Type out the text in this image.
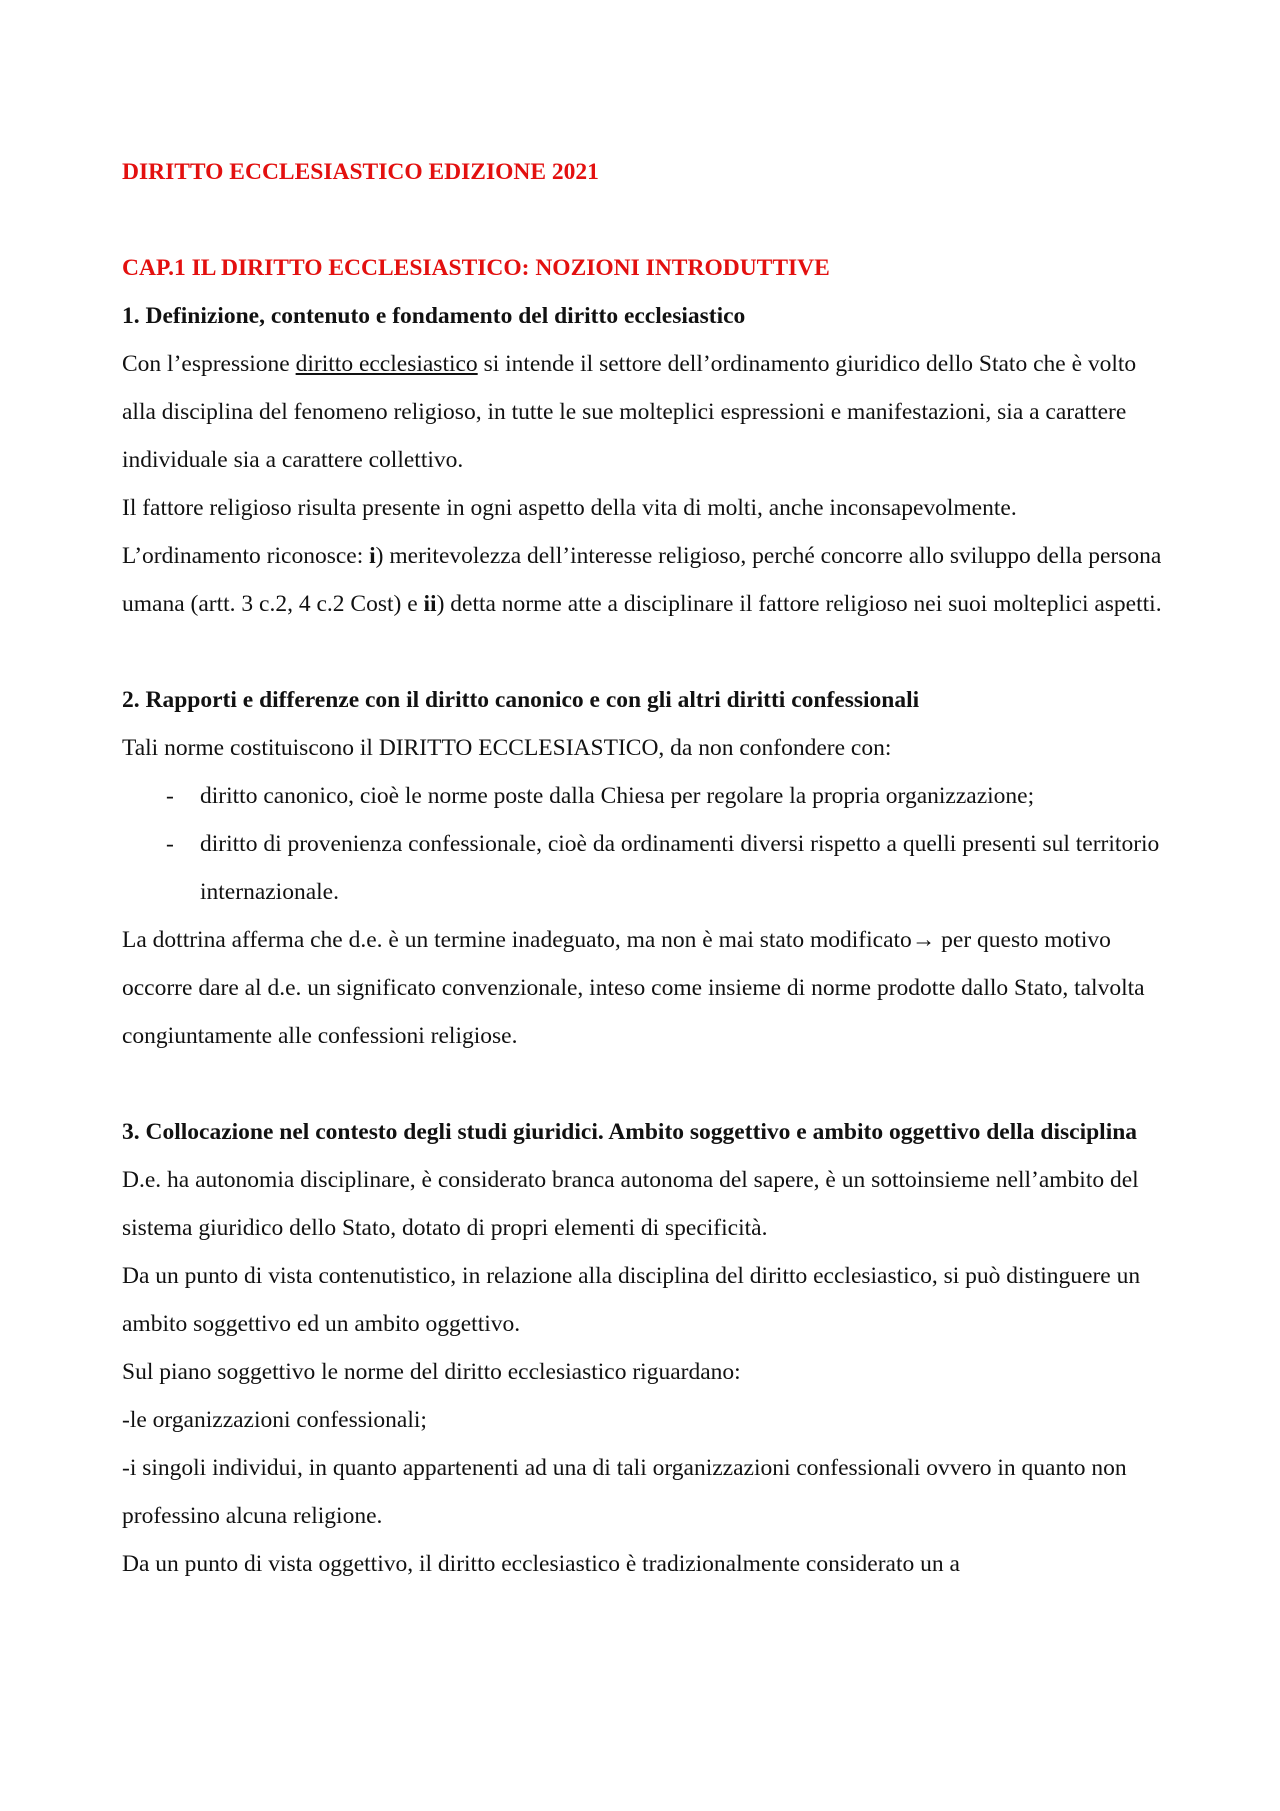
DIRITTO ECCLESIASTICO EDIZIONE 2021

CAP.1 IL DIRITTO ECCLESIASTICO: NOZIONI INTRODUTTIVE

1. Definizione, contenuto e fondamento del diritto ecclesiastico

Con l’espressione diritto ecclesiastico si intende il settore dell’ordinamento giuridico dello Stato che è volto alla disciplina del fenomeno religioso, in tutte le sue molteplici espressioni e manifestazioni, sia a carattere individuale sia a carattere collettivo.

Il fattore religioso risulta presente in ogni aspetto della vita di molti, anche inconsapevolmente.

L’ordinamento riconosce: i) meritevolezza dell’interesse religioso, perché concorre allo sviluppo della persona umana (artt. 3 c.2, 4 c.2 Cost) e ii) detta norme atte a disciplinare il fattore religioso nei suoi molteplici aspetti.

2. Rapporti e differenze con il diritto canonico e con gli altri diritti confessionali

Tali norme costituiscono il DIRITTO ECCLESIASTICO, da non confondere con:

- diritto canonico, cioè le norme poste dalla Chiesa per regolare la propria organizzazione;
- diritto di provenienza confessionale, cioè da ordinamenti diversi rispetto a quelli presenti sul territorio internazionale.

La dottrina afferma che d.e. è un termine inadeguato, ma non è mai stato modificato→ per questo motivo occorre dare al d.e. un significato convenzionale, inteso come insieme di norme prodotte dallo Stato, talvolta congiuntamente alle confessioni religiose.

3. Collocazione nel contesto degli studi giuridici. Ambito soggettivo e ambito oggettivo della disciplina

D.e. ha autonomia disciplinare, è considerato branca autonoma del sapere, è un sottoinsieme nell’ambito del sistema giuridico dello Stato, dotato di propri elementi di specificità.

Da un punto di vista contenutistico, in relazione alla disciplina del diritto ecclesiastico, si può distinguere un ambito soggettivo ed un ambito oggettivo.

Sul piano soggettivo le norme del diritto ecclesiastico riguardano:

-le organizzazioni confessionali;

-i singoli individui, in quanto appartenenti ad una di tali organizzazioni confessionali ovvero in quanto non professino alcuna religione.

Da un punto di vista oggettivo, il diritto ecclesiastico è tradizionalmente considerato un a
